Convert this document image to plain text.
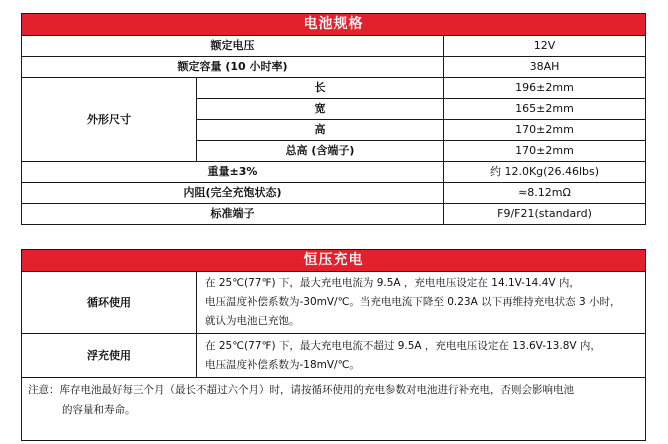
电池规格		
额定电压		12V
额定容量 (10 小时率)		38AH
外形尺寸	长	196±2mm
	宽	165±2mm
	高	170±2mm
	总高 (含端子)	170±2mm
重量±3%		约 12.0Kg(26.46lbs)
内阻(完全充饱状态)		≈8.12mΩ
标准端子		F9/F21(standard)
恒压充电	
循环使用	在 25℃(77℉) 下，最大充电电流为 9.5A ，充电电压设定在 14.1V-14.4V 内，
电压温度补偿系数为-30mV/℃。当充电电流下降至 0.23A 以下再维持充电状态 3 小时，
就认为电池已充饱。

浮充使用	在 25℃(77℉) 下，最大充电电流不超过 9.5A ，充电电压设定在 13.6V-13.8V 内，
电压温度补偿系数为-18mV/℃。

注意：库存电池最好每三个月（最长不超过六个月）时，请按循环使用的充电参数对电池进行补充电，否则会影响电池
的容量和寿命。	
